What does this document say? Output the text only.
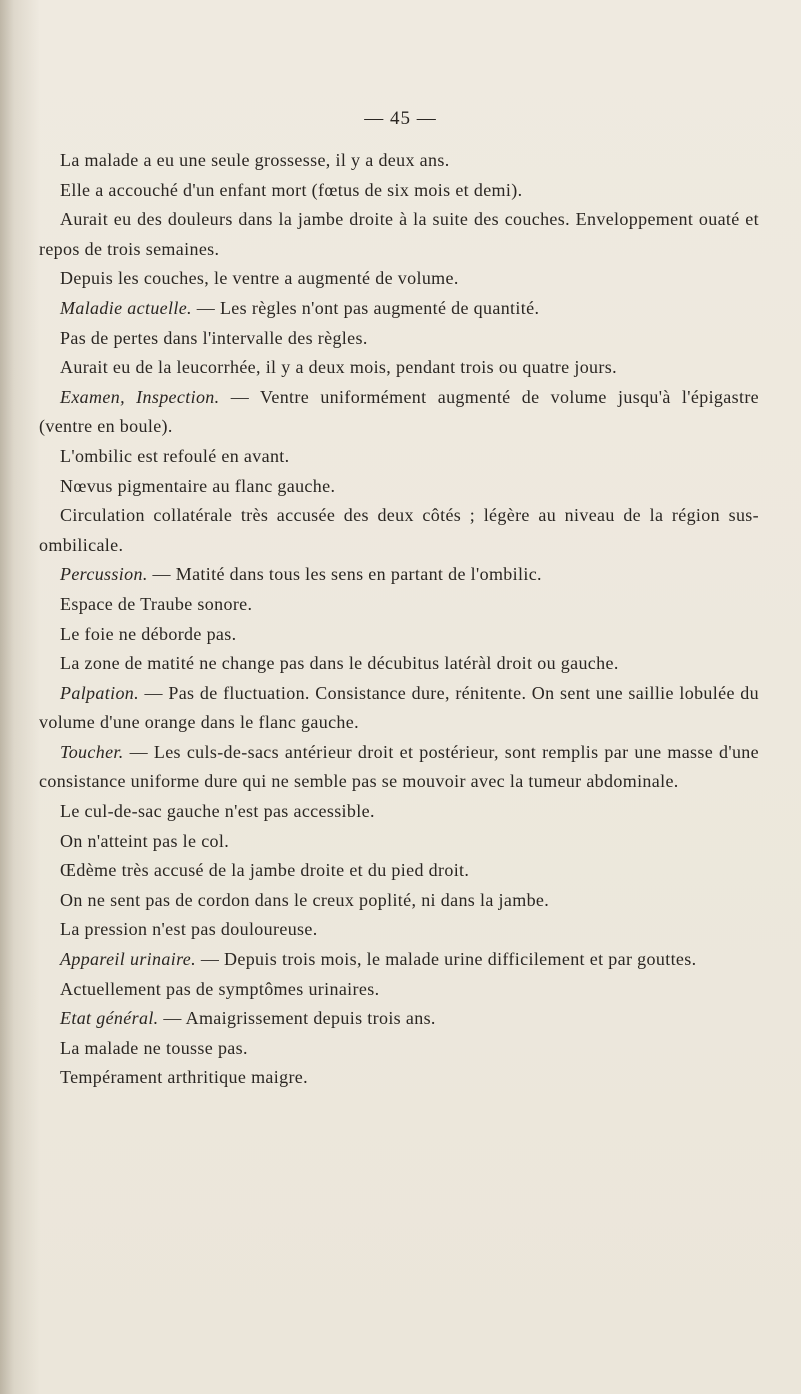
— 45 —

La malade a eu une seule grossesse, il y a deux ans.

Elle a accouché d'un enfant mort (fœtus de six mois et demi).

Aurait eu des douleurs dans la jambe droite à la suite des couches. Enveloppement ouaté et repos de trois semaines.

Depuis les couches, le ventre a augmenté de volume.

Maladie actuelle. — Les règles n'ont pas augmenté de quantité.

Pas de pertes dans l'intervalle des règles.

Aurait eu de la leucorrhée, il y a deux mois, pendant trois ou quatre jours.

Examen, Inspection. — Ventre uniformément augmenté de volume jusqu'à l'épigastre (ventre en boule).

L'ombilic est refoulé en avant.

Nœvus pigmentaire au flanc gauche.

Circulation collatérale très accusée des deux côtés ; légère au niveau de la région sus-ombilicale.

Percussion. — Matité dans tous les sens en partant de l'ombilic.

Espace de Traube sonore.

Le foie ne déborde pas.

La zone de matité ne change pas dans le décubitus latéràl droit ou gauche.

Palpation. — Pas de fluctuation. Consistance dure, rénitente. On sent une saillie lobulée du volume d'une orange dans le flanc gauche.

Toucher. — Les culs-de-sacs antérieur droit et postérieur, sont remplis par une masse d'une consistance uniforme dure qui ne semble pas se mouvoir avec la tumeur abdominale.

Le cul-de-sac gauche n'est pas accessible.

On n'atteint pas le col.

Œdème très accusé de la jambe droite et du pied droit.

On ne sent pas de cordon dans le creux poplité, ni dans la jambe.

La pression n'est pas douloureuse.

Appareil urinaire. — Depuis trois mois, le malade urine difficilement et par gouttes.

Actuellement pas de symptômes urinaires.

Etat général. — Amaigrissement depuis trois ans.

La malade ne tousse pas.

Tempérament arthritique maigre.
